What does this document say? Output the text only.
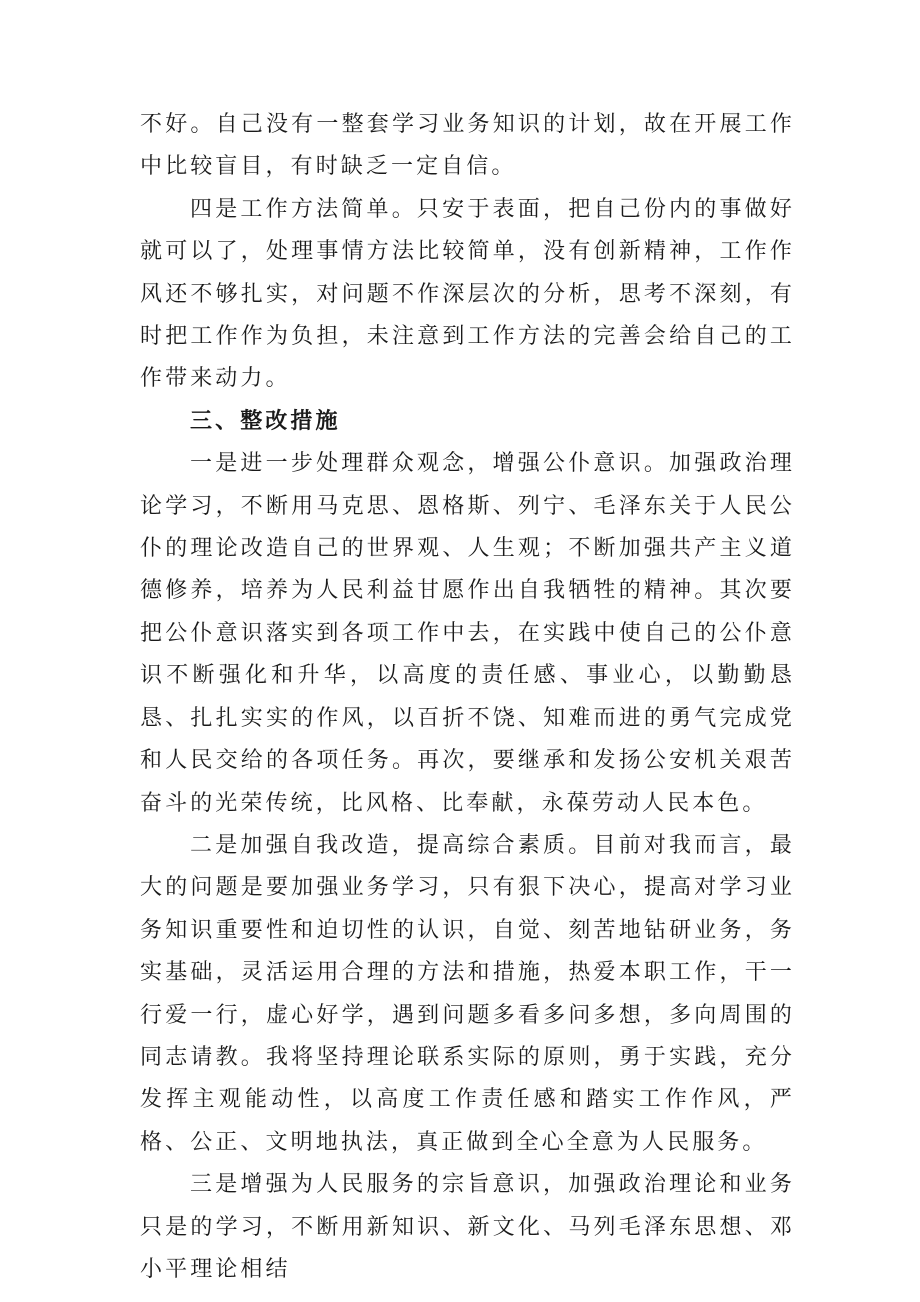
不好。自己没有一整套学习业务知识的计划，故在开展工作中比较盲目，有时缺乏一定自信。

四是工作方法简单。只安于表面，把自己份内的事做好就可以了，处理事情方法比较简单，没有创新精神，工作作风还不够扎实，对问题不作深层次的分析，思考不深刻，有时把工作作为负担，未注意到工作方法的完善会给自己的工作带来动力。

三、整改措施

一是进一步处理群众观念，增强公仆意识。加强政治理论学习，不断用马克思、恩格斯、列宁、毛泽东关于人民公仆的理论改造自己的世界观、人生观；不断加强共产主义道德修养，培养为人民利益甘愿作出自我牺牲的精神。其次要把公仆意识落实到各项工作中去，在实践中使自己的公仆意识不断强化和升华，以高度的责任感、事业心，以勤勤恳恳、扎扎实实的作风，以百折不饶、知难而进的勇气完成党和人民交给的各项任务。再次，要继承和发扬公安机关艰苦奋斗的光荣传统，比风格、比奉献，永葆劳动人民本色。

二是加强自我改造，提高综合素质。目前对我而言，最大的问题是要加强业务学习，只有狠下决心，提高对学习业务知识重要性和迫切性的认识，自觉、刻苦地钻研业务，务实基础，灵活运用合理的方法和措施，热爱本职工作，干一行爱一行，虚心好学，遇到问题多看多问多想，多向周围的同志请教。我将坚持理论联系实际的原则，勇于实践，充分发挥主观能动性，以高度工作责任感和踏实工作作风，严格、公正、文明地执法，真正做到全心全意为人民服务。

三是增强为人民服务的宗旨意识，加强政治理论和业务只是的学习，不断用新知识、新文化、马列毛泽东思想、邓小平理论相结
